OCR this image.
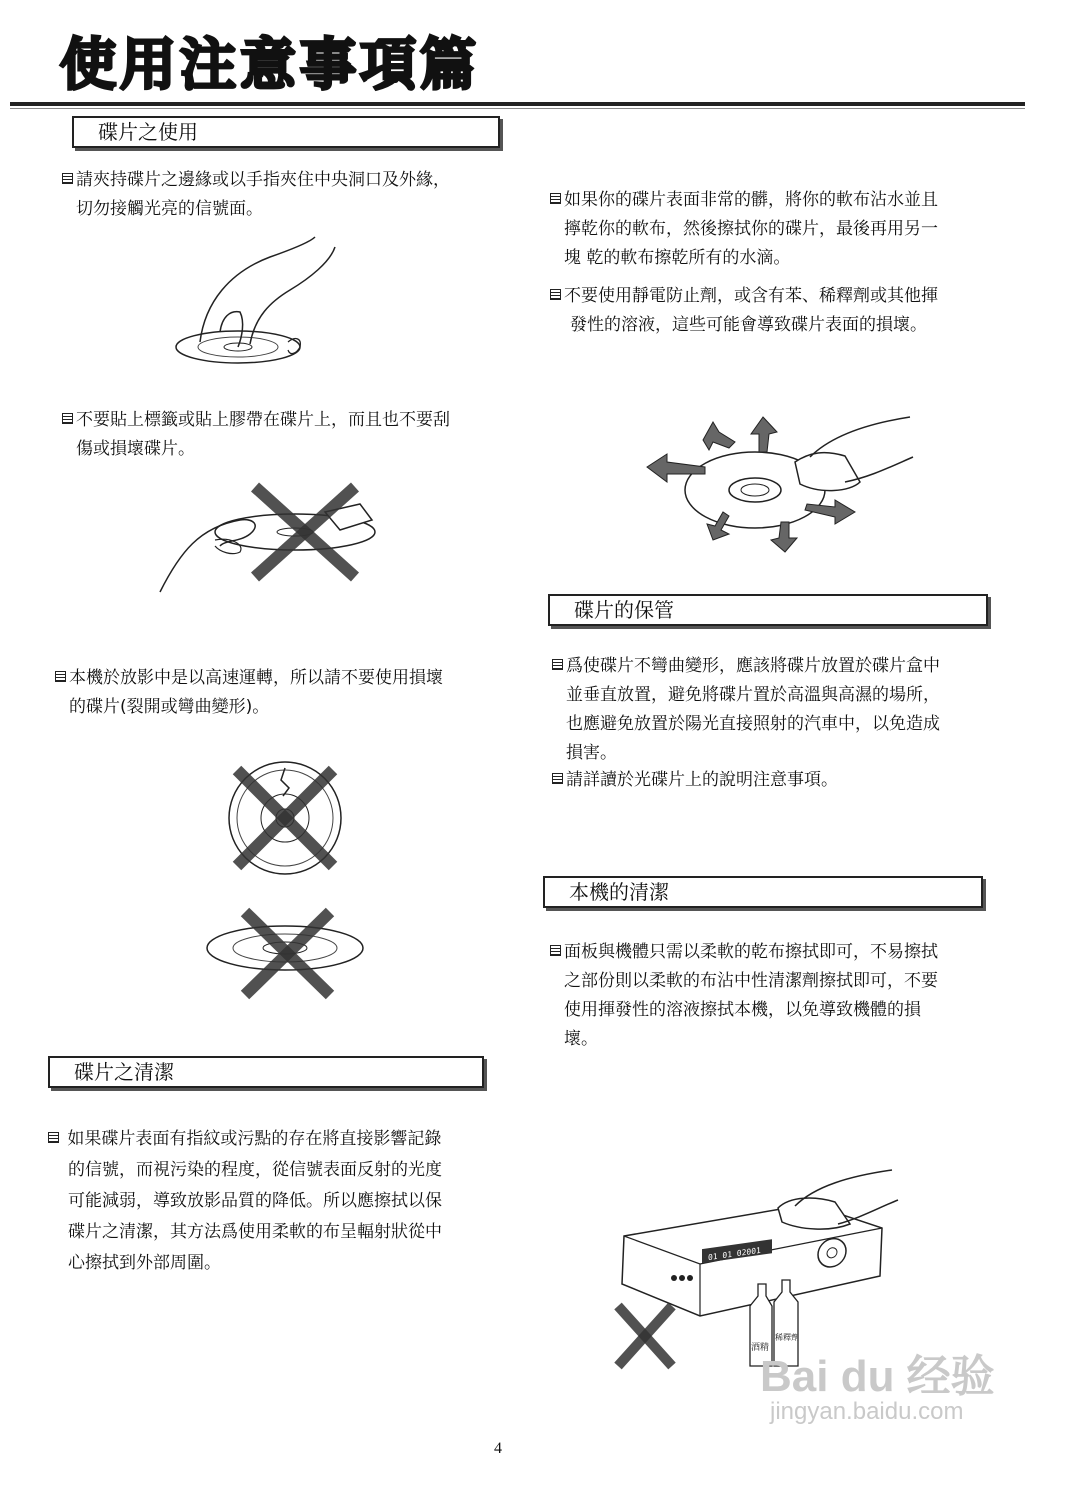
使用注意事項篇
碟片之使用
請夾持碟片之邊緣或以手指夾住中央洞口及外緣，

切勿接觸光亮的信號面。
不要貼上標籤或貼上膠帶在碟片上，而且也不要刮

傷或損壞碟片。
本機於放影中是以高速運轉，所以請不要使用損壞

的碟片(裂開或彎曲變形)。
碟片之清潔
如果碟片表面有指紋或污點的存在將直接影響記錄

的信號，而視污染的程度，從信號表面反射的光度
可能減弱，導致放影品質的降低。所以應擦拭以保
碟片之清潔，其方法爲使用柔軟的布呈輻射狀從中
心擦拭到外部周圍。
如果你的碟片表面非常的髒，將你的軟布沾水並且

擰乾你的軟布，然後擦拭你的碟片，最後再用另一
塊 乾的軟布擦乾所有的水滴。
不要使用靜電防止劑，或含有苯、稀釋劑或其他揮

發性的溶液，這些可能會導致碟片表面的損壞。
碟片的保管
爲使碟片不彎曲變形，應該將碟片放置於碟片盒中

並垂直放置，避免將碟片置於高溫與高濕的場所，
也應避免放置於陽光直接照射的汽車中，以免造成
損害。
請詳讀於光碟片上的說明注意事項。
本機的清潔
面板與機體只需以柔軟的乾布擦拭即可，不易擦拭

之部份則以柔軟的布沾中性清潔劑擦拭即可，不要
使用揮發性的溶液擦拭本機，以免導致機體的損
壞。
01 01 02001
酒精
稀釋劑
4
Bai du 经验
jingyan.baidu.com
